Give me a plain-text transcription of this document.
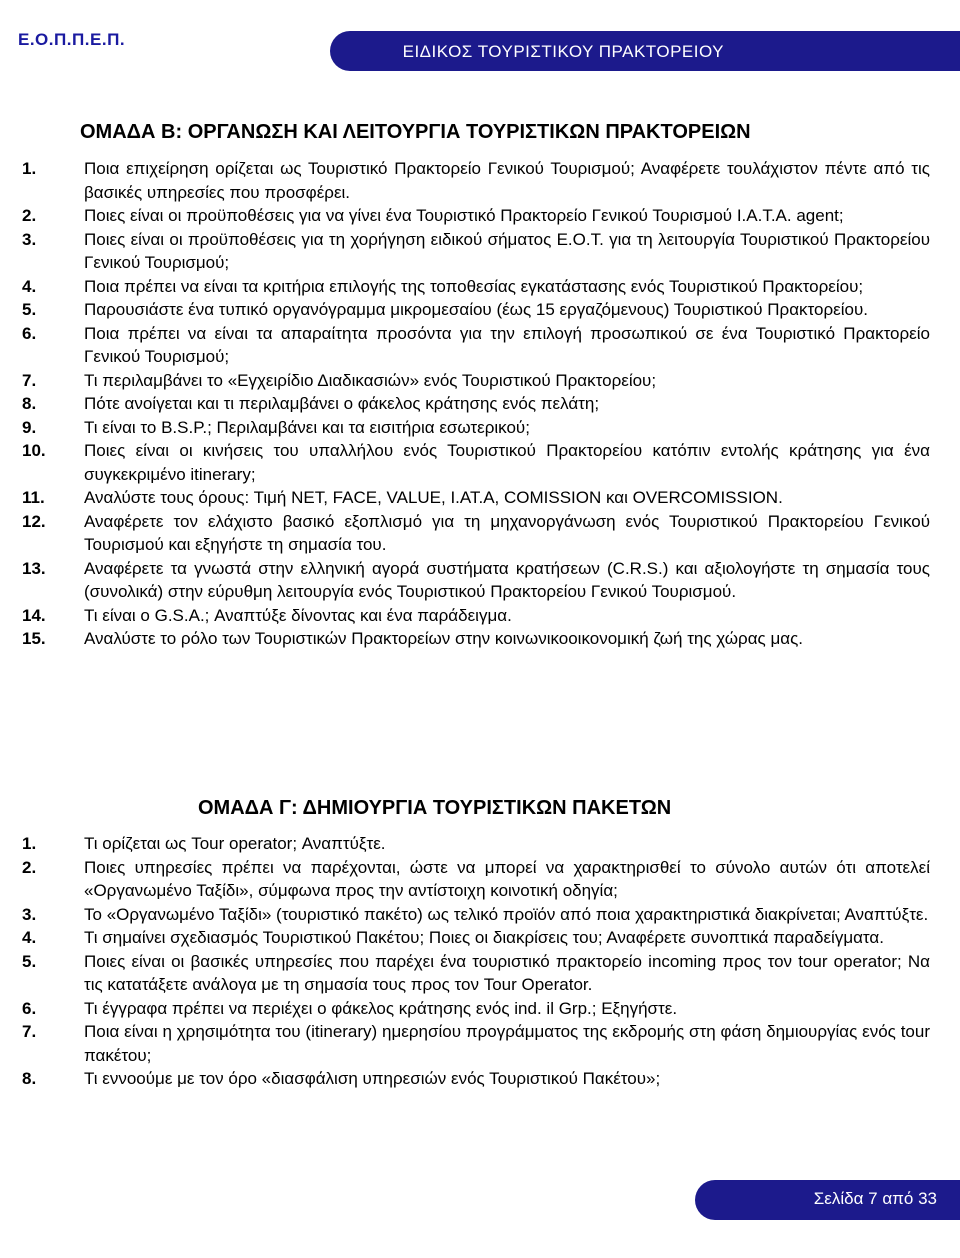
Ε.Ο.Π.Π.Ε.Π.
ΕΙΔΙΚΟΣ ΤΟΥΡΙΣΤΙΚΟΥ ΠΡΑΚΤΟΡΕΙΟΥ
ΟΜΑΔΑ Β: ΟΡΓΑΝΩΣΗ ΚΑΙ ΛΕΙΤΟΥΡΓΙΑ ΤΟΥΡΙΣΤΙΚΩΝ ΠΡΑΚΤΟΡΕΙΩΝ
1.	Ποια επιχείρηση ορίζεται ως Τουριστικό Πρακτορείο Γενικού Τουρισμού; Αναφέρετε τουλάχιστον πέντε από τις βασικές υπηρεσίες που προσφέρει.
2.	Ποιες είναι οι προϋποθέσεις για να γίνει ένα Τουριστικό Πρακτορείο Γενικού Τουρισμού I.A.T.A. agent;
3.	Ποιες είναι οι προϋποθέσεις για τη χορήγηση ειδικού σήματος Ε.Ο.Τ. για τη λειτουργία Τουριστικού Πρακτορείου Γενικού Τουρισμού;
4.	Ποια πρέπει να είναι τα κριτήρια επιλογής της τοποθεσίας εγκατάστασης ενός Τουριστικού Πρακτορείου;
5.	Παρουσιάστε ένα τυπικό οργανόγραμμα μικρομεσαίου (έως 15 εργαζόμενους) Τουριστικού Πρακτορείου.
6.	Ποια πρέπει να είναι τα απαραίτητα προσόντα για την επιλογή προσωπικού σε ένα Τουριστικό Πρακτορείο Γενικού Τουρισμού;
7.	Τι περιλαμβάνει το «Εγχειρίδιο Διαδικασιών» ενός Τουριστικού Πρακτορείου;
8.	Πότε ανοίγεται και τι περιλαμβάνει ο φάκελος κράτησης ενός πελάτη;
9.	Τι είναι το B.S.P.; Περιλαμβάνει και τα εισιτήρια εσωτερικού;
10.	Ποιες είναι οι κινήσεις του υπαλλήλου ενός Τουριστικού Πρακτορείου κατόπιν εντολής κράτησης για ένα συγκεκριμένο itinerary;
11.	Αναλύστε τους όρους: Τιμή NET, FACE, VALUE, I.AT.A, COMISSION και OVERCOMISSION.
12.	Αναφέρετε τον ελάχιστο βασικό εξοπλισμό για τη μηχανοργάνωση ενός Τουριστικού Πρακτορείου Γενικού Τουρισμού και εξηγήστε τη σημασία του.
13.	Αναφέρετε τα γνωστά στην ελληνική αγορά συστήματα κρατήσεων (C.R.S.) και αξιολογήστε τη σημασία τους (συνολικά) στην εύρυθμη λειτουργία ενός Τουριστικού Πρακτορείου Γενικού Τουρισμού.
14.	Τι είναι ο G.S.A.; Αναπτύξε δίνοντας και ένα παράδειγμα.
15.	Αναλύστε το ρόλο των Τουριστικών Πρακτορείων στην κοινωνικοοικονομική ζωή της χώρας μας.
ΟΜΑΔΑ Γ: ΔΗΜΙΟΥΡΓΙΑ ΤΟΥΡΙΣΤΙΚΩΝ ΠΑΚΕΤΩΝ
1.	Τι ορίζεται ως Tour operator; Αναπτύξτε.
2.	Ποιες υπηρεσίες πρέπει να παρέχονται, ώστε να μπορεί να χαρακτηρισθεί το σύνολο αυτών ότι αποτελεί «Οργανωμένο Ταξίδι», σύμφωνα προς την αντίστοιχη κοινοτική οδηγία;
3.	Το «Οργανωμένο Ταξίδι» (τουριστικό πακέτο) ως τελικό προϊόν από ποια χαρακτηριστικά διακρίνεται; Αναπτύξτε.
4.	Τι σημαίνει σχεδιασμός Τουριστικού Πακέτου; Ποιες οι διακρίσεις του; Αναφέρετε συνοπτικά παραδείγματα.
5.	Ποιες είναι οι βασικές υπηρεσίες που παρέχει ένα τουριστικό πρακτορείο incoming προς τον tour operator; Να τις κατατάξετε ανάλογα με τη σημασία τους προς τον Tour Operator.
6.	Τι έγγραφα πρέπει να περιέχει ο φάκελος κράτησης ενός ind. il Grp.; Εξηγήστε.
7.	Ποια είναι η χρησιμότητα του (itinerary) ημερησίου προγράμματος της εκδρομής στη φάση δημιουργίας ενός tour πακέτου;
8.	Τι εννοούμε με τον όρο «διασφάλιση υπηρεσιών ενός Τουριστικού Πακέτου»;
Σελίδα 7 από 33
